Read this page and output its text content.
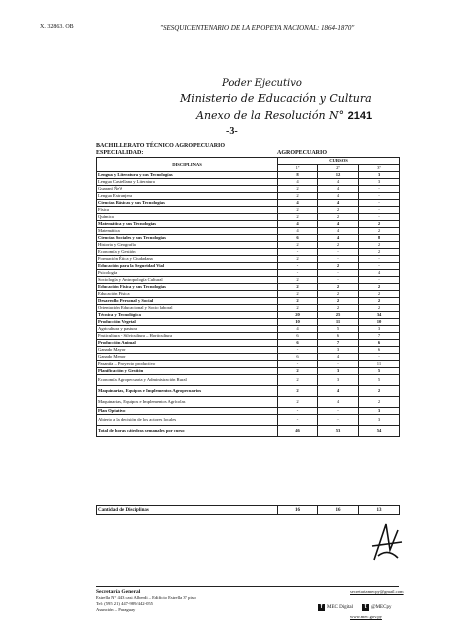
X. 32863. OB	"SESQUICENTENARIO DE LA EPOPEYA NACIONAL: 1864-1870"
Poder Ejecutivo
Ministerio de Educación y Cultura
Anexo de la Resolución N° 2141
-3-
BACHILLERATO TÉCNICO AGROPECUARIO
ESPECIALIDAD:	AGROPECUARIO
DISCIPLINAS	CURSOS		
	1º	2º	3º
Lengua y Literatura y sus Tecnologías	8	12	3
Lengua Castellana y Literatura	4	4	3
Guaraní Ñe'ẽ	2	4	-
Lengua Extranjera	2	4	-
Ciencias Básicas y sus Tecnologías	4	4	-
Física	2	2	-
Química	2	2	-
Matemática y sus Tecnologías	4	4	2
Matemática	4	4	2
Ciencias Sociales y sus Tecnologías	6	4	8
Historia y Geografía	2	2	2
Economía y Gestión	-	-	2
Formación Ética y Ciudadana	2	-	-
Educación para la Seguridad Vial	-	2	-
Psicología	-	-	4
Sociología y Antropología Cultural	2	-	-
Educación Física y sus Tecnologías	2	2	2
Educación Física	2	2	2
Desarrollo Personal y Social	2	2	2
Orientación Educacional y Socio laboral	2	2	2
Técnica y Tecnológica	20	25	34
Producción Vegetal	10	11	10
Agricultura y pastura	4	5	3
Fruticultura - Silvicultura – Horticultura	6	6	7
Producción Animal	6	7	6
Ganado Mayor	-	3	6
Ganado Menor	6	4	-
Pasantía – Proyecto productivo	-	-	11
Planificación y Gestión	2	3	5
Economía Agropecuaria y Administración Rural	2	3	5
Maquinarias, Equipos e Implementos Agropecuarios	2	4	2
Maquinarias, Equipos e Implementos Agrícolas	2	4	2
Plan Optativo	-	-	3
Abierto a la decisión de los actores locales	-	-	3
Total de horas cátedras semanales por curso	46	53	54
Cantidad de Disciplinas	16	16	13
Secretaría General
Estrella N° 443 casi Alberdi – Edificio Estrella 3º piso
Tel: (595 21) 447-989/442-055
Asunción – Paraguay
secretariamecpy@gmail.com
f MEC Digital	t @MECpy
www.mec.gov.py
